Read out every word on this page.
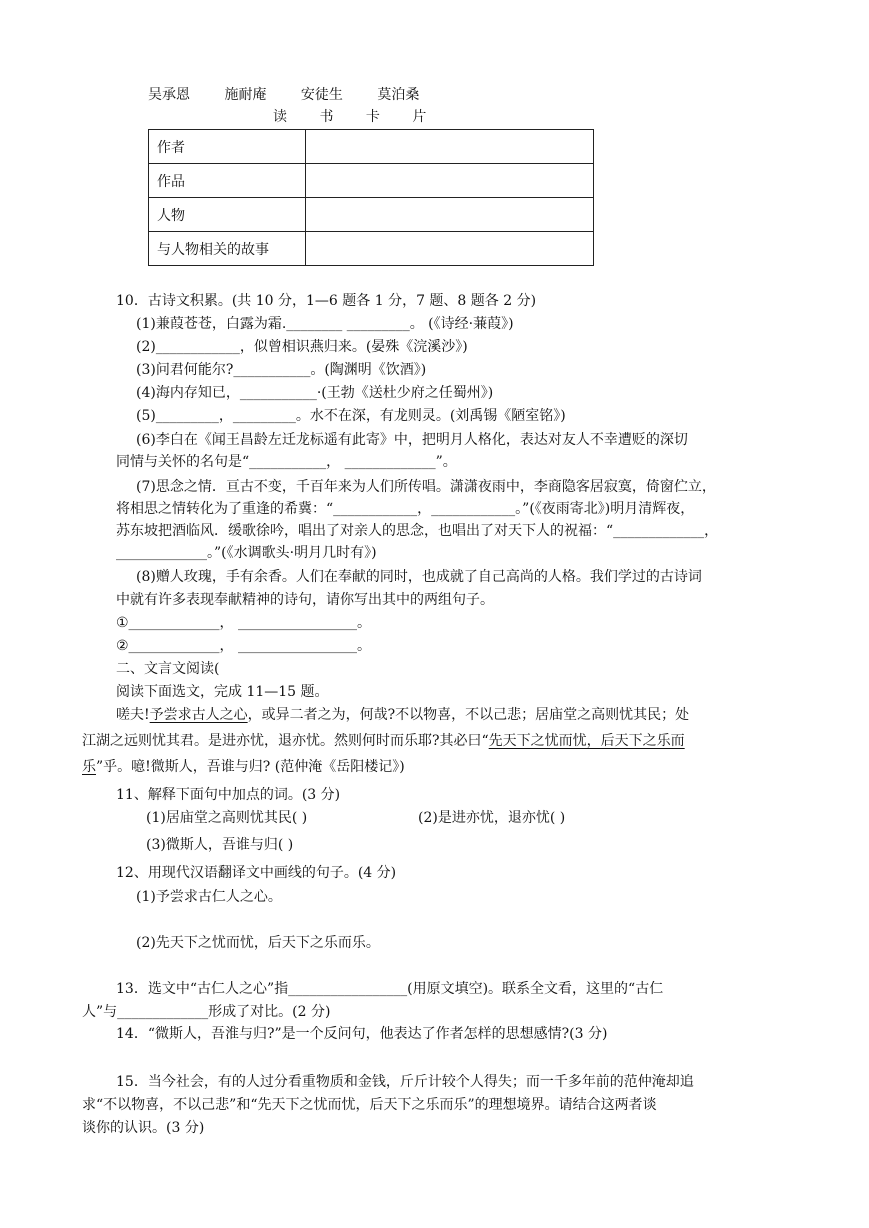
吴承恩 施耐庵 安徒生 莫泊桑
读 书 卡 片
作者	
作品	
人物	
与人物相关的故事	
10．古诗文积累。(共 10 分，1—6 题各 1 分，7 题、8 题各 2 分)
(1)兼葭苍苍，白露为霜.________ _________。 (《诗经·蒹葭》)
(2)____________，似曾相识燕归来。(晏殊《浣溪沙》)
(3)问君何能尔?___________。(陶渊明《饮酒》)
(4)海内存知已，___________·(王勃《送杜少府之任蜀州》)
(5)_________，_________。水不在深，有龙则灵。(刘禹锡《陋室铭》)
(6)李白在《闻王昌龄左迁龙标遥有此寄》中，把明月人格化，表达对友人不幸遭贬的深切
同情与关怀的名句是“___________， _____________”。
(7)思念之情．亘古不变，千百年来为人们所传唱。潇潇夜雨中，李商隐客居寂寞，倚窗伫立，
将相思之情转化为了重逢的希冀：“____________，____________。”(《夜雨寄北》)明月清辉夜，
苏东坡把酒临风．缓歌徐吟，唱出了对亲人的思念，也唱出了对天下人的祝福：“_____________，
_____________。”(《水调歌头·明月几时有》)
(8)赠人玫瑰，手有余香。人们在奉献的同时，也成就了自己高尚的人格。我们学过的古诗词
中就有许多表现奉献精神的诗句，请你写出其中的两组句子。
①_____________， _________________。
②_____________， _________________。
二、文言文阅读(
阅读下面选文，完成 11—15 题。
嗟夫!予尝求古人之心，或异二者之为，何哉?不以物喜，不以己悲；居庙堂之高则忧其民；处
江湖之远则忧其君。是进亦忧，退亦忧。然则何时而乐耶?其必曰“先天下之忧而忧，后天下之乐而
乐”乎。噫!微斯人，吾谁与归? (范仲淹《岳阳楼记》)
11、解释下面句中加点的词。(3 分)
(1)居庙堂之高则忧其民( )	(2)是进亦忧，退亦忧( )
(3)微斯人，吾谁与归( )
12、用现代汉语翻译文中画线的句子。(4 分)
(1)予尝求古仁人之心。
(2)先天下之忧而忧，后天下之乐而乐。
13．选文中“古仁人之心”指_________________(用原文填空)。联系全文看，这里的“古仁
人”与_____________形成了对比。(2 分)
14．“微斯人，吾淮与归?”是一个反问句，他表达了作者怎样的思想感情?(3 分)
15．当今社会，有的人过分看重物质和金钱，斤斤计较个人得失；而一千多年前的范仲淹却追
求“不以物喜，不以己悲”和“先天下之忧而忧，后天下之乐而乐”的理想境界。请结合这两者谈
谈你的认识。(3 分)
